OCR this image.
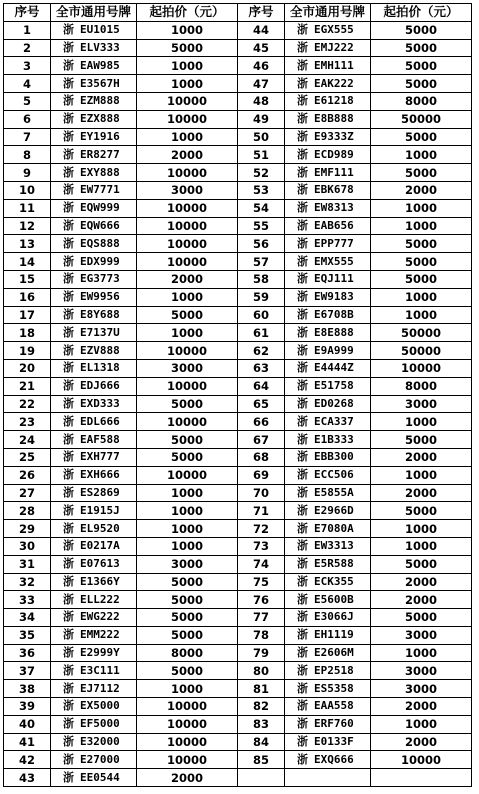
序号	全市通用号牌	起拍价（元）	序号	全市通用号牌	起拍价（元）
1	浙 EU1015	1000	44	浙 EGX555	5000
2	浙 ELV333	5000	45	浙 EMJ222	5000
3	浙 EAW985	1000	46	浙 EMH111	5000
4	浙 E3567H	1000	47	浙 EAK222	5000
5	浙 EZM888	10000	48	浙 E61218	8000
6	浙 EZX888	10000	49	浙 E8B888	50000
7	浙 EY1916	1000	50	浙 E9333Z	5000
8	浙 ER8277	2000	51	浙 ECD989	1000
9	浙 EXY888	10000	52	浙 EMF111	5000
10	浙 EW7771	3000	53	浙 EBK678	2000
11	浙 EQW999	10000	54	浙 EW8313	1000
12	浙 EQW666	10000	55	浙 EAB656	1000
13	浙 EQS888	10000	56	浙 EPP777	5000
14	浙 EDX999	10000	57	浙 EMX555	5000
15	浙 EG3773	2000	58	浙 EQJ111	5000
16	浙 EW9956	1000	59	浙 EW9183	1000
17	浙 E8Y688	5000	60	浙 E6708B	1000
18	浙 E7137U	1000	61	浙 E8E888	50000
19	浙 EZV888	10000	62	浙 E9A999	50000
20	浙 EL1318	3000	63	浙 E4444Z	10000
21	浙 EDJ666	10000	64	浙 E51758	8000
22	浙 EXD333	5000	65	浙 ED0268	3000
23	浙 EDL666	10000	66	浙 ECA337	1000
24	浙 EAF588	5000	67	浙 E1B333	5000
25	浙 EXH777	5000	68	浙 EBB300	2000
26	浙 EXH666	10000	69	浙 ECC506	1000
27	浙 ES2869	1000	70	浙 E5855A	2000
28	浙 E1915J	1000	71	浙 E2966D	5000
29	浙 EL9520	1000	72	浙 E7080A	1000
30	浙 E0217A	1000	73	浙 EW3313	1000
31	浙 E07613	3000	74	浙 E5R588	5000
32	浙 E1366Y	5000	75	浙 ECK355	2000
33	浙 ELL222	5000	76	浙 E5600B	2000
34	浙 EWG222	5000	77	浙 E3066J	5000
35	浙 EMM222	5000	78	浙 EH1119	3000
36	浙 E2999Y	8000	79	浙 E2606M	1000
37	浙 E3C111	5000	80	浙 EP2518	3000
38	浙 EJ7112	1000	81	浙 ES5358	3000
39	浙 EX5000	10000	82	浙 EAA558	2000
40	浙 EF5000	10000	83	浙 ERF760	1000
41	浙 E32000	10000	84	浙 E0133F	2000
42	浙 E27000	10000	85	浙 EXQ666	10000
43	浙 EE0544	2000			
